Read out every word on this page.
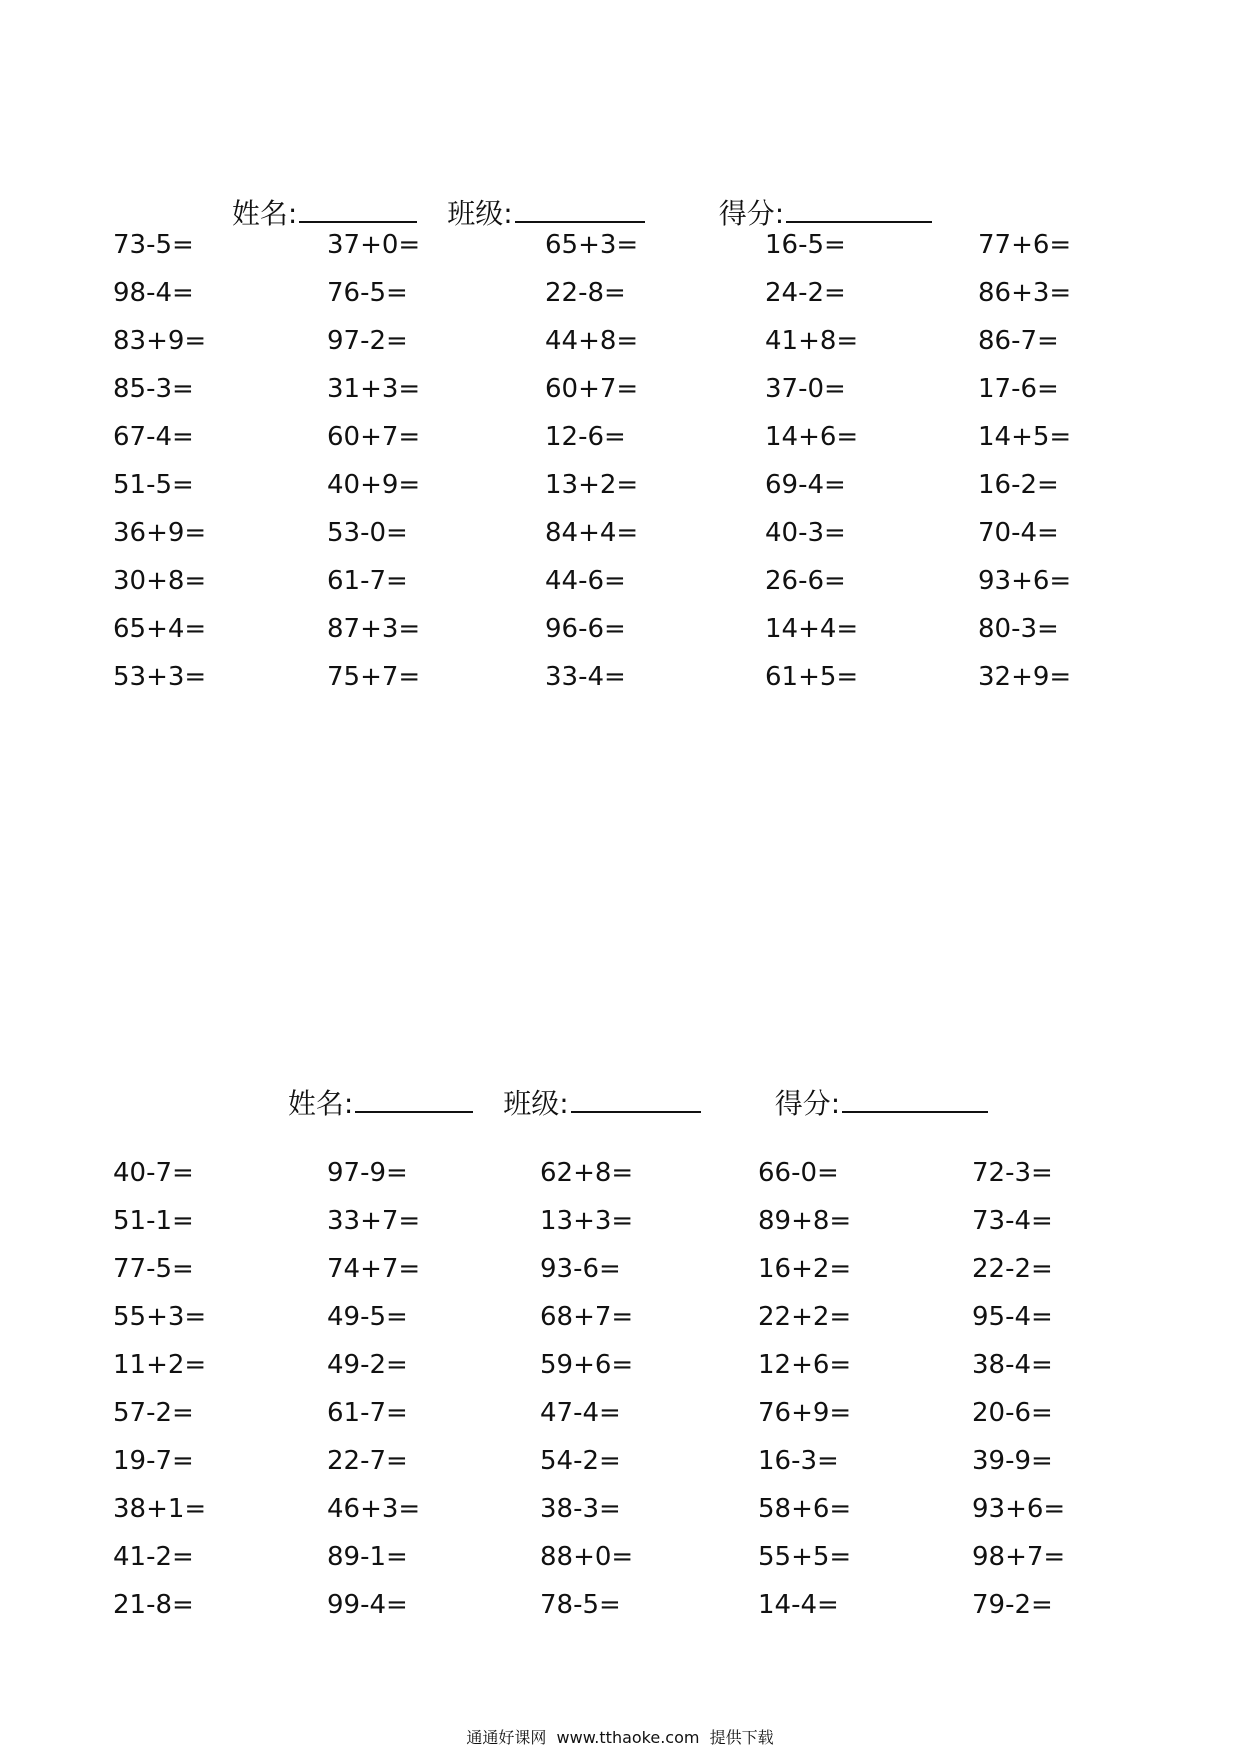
姓名:	班级:	得分:

73-5=	37+0=	65+3=	16-5=	77+6=
98-4=	76-5=	22-8=	24-2=	86+3=
83+9=	97-2=	44+8=	41+8=	86-7=
85-3=	31+3=	60+7=	37-0=	17-6=
67-4=	60+7=	12-6=	14+6=	14+5=
51-5=	40+9=	13+2=	69-4=	16-2=
36+9=	53-0=	84+4=	40-3=	70-4=
30+8=	61-7=	44-6=	26-6=	93+6=
65+4=	87+3=	96-6=	14+4=	80-3=
53+3=	75+7=	33-4=	61+5=	32+9=

姓名:	班级:	得分:

40-7=	97-9=	62+8=	66-0=	72-3=
51-1=	33+7=	13+3=	89+8=	73-4=
77-5=	74+7=	93-6=	16+2=	22-2=
55+3=	49-5=	68+7=	22+2=	95-4=
11+2=	49-2=	59+6=	12+6=	38-4=
57-2=	61-7=	47-4=	76+9=	20-6=
19-7=	22-7=	54-2=	16-3=	39-9=
38+1=	46+3=	38-3=	58+6=	93+6=
41-2=	89-1=	88+0=	55+5=	98+7=
21-8=	99-4=	78-5=	14-4=	79-2=
通通好课网  www.tthaoke.com  提供下载
